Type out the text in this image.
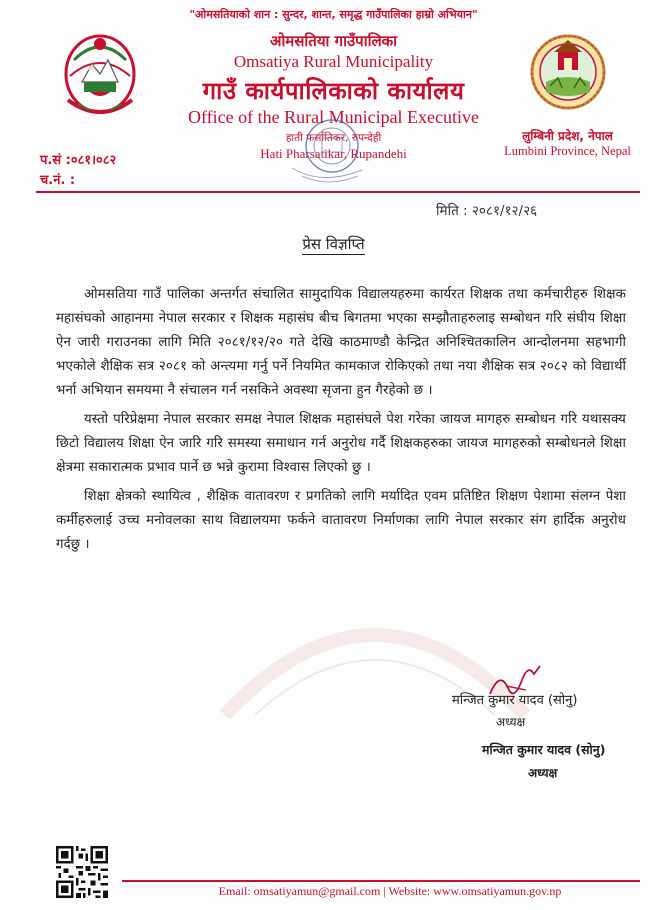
"ओमसतियाको शान : सुन्दर, शान्त, समृद्ध गाउँपालिका हाम्रो अभियान"
ओमसतिया गाउँपालिका
Omsatiya Rural Municipality
गाउँ कार्यपालिकाको कार्यालय
Office of the Rural Municipal Executive
हाती फर्सातिकर, रुपन्देही
Hati Pharsatikar, Rupandehi
लुम्बिनी प्रदेश, नेपाल
Lumbini Province, Nepal
प.सं :०८१।०८२
च.नं. :
मिति : २०८१/१२/२६
प्रेस विज्ञप्ति

ओमसतिया गाउँ पालिका अन्तर्गत संचालित सामुदायिक विद्यालयहरुमा कार्यरत शिक्षक तथा कर्मचारीहरु शिक्षक महासंघको आहानमा नेपाल सरकार र शिक्षक महासंघ बीच बिगतमा भएका सम्झौताहरुलाइ सम्बोधन गरि संघीय शिक्षा ऐन जारी गराउनका लागि मिति २०८१/१२/२० गते देखि काठमाण्डौ केन्द्रित अनिश्चितकालिन आन्दोलनमा सहभागी भएकोले शैक्षिक सत्र २०८१ को अन्त्यमा गर्नु पर्ने नियमित कामकाज रोकिएको तथा नया शैक्षिक सत्र २०८२ को विद्यार्थी भर्ना अभियान समयमा नै संचालन गर्न नसकिने अवस्था सृजना हुन गैरहेको छ ।

यस्तो परिप्रेक्षमा नेपाल सरकार समक्ष नेपाल शिक्षक महासंघले पेश गरेका जायज मागहरु सम्बोधन गरि यथासक्य छिटो विद्यालय शिक्षा ऐन जारि गरि समस्या समाधान गर्न अनुरोध गर्दै शिक्षकहरुका जायज मागहरुको सम्बोधनले शिक्षा क्षेत्रमा सकारात्मक प्रभाव पार्ने छ भन्ने कुरामा विश्वास लिएको छु ।

शिक्षा क्षेत्रको स्थायित्व , शैक्षिक वातावरण र प्रगतिको लागि मर्यादित एवम प्रतिष्टित शिक्षण पेशामा संलग्न पेशा कर्मीहरुलाई उच्च मनोवलका साथ विद्यालयमा फर्कने वातावरण निर्माणका लागि नेपाल सरकार संग हार्दिक अनुरोध गर्दछु ।

मन्जित कुमार यादव (सोनु)
अध्यक्ष
मन्जित कुमार यादव (सोनु)
अध्यक्ष
Email: omsatiyamun@gmail.com | Website: www.omsatiyamun.gov.np
